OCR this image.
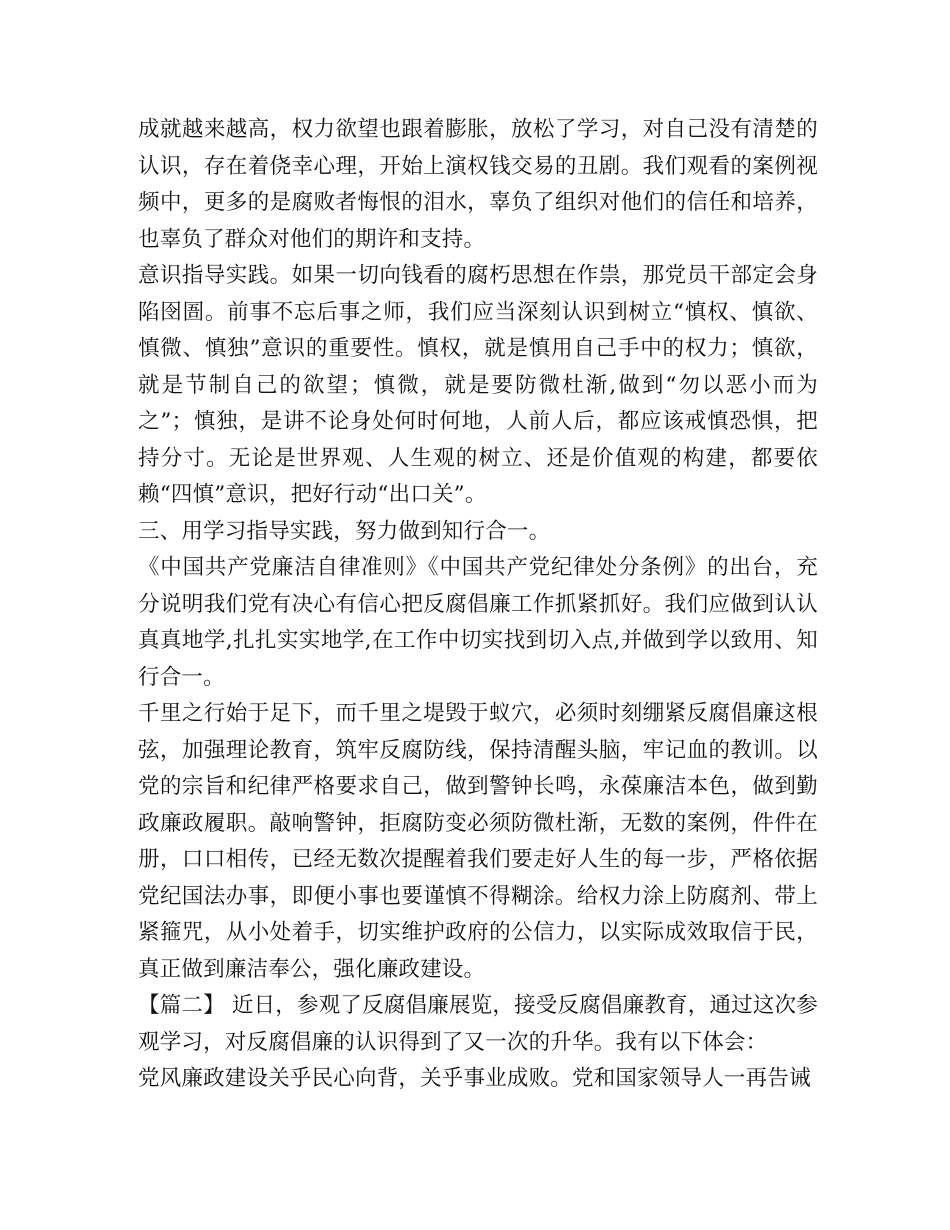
成就越来越高，权力欲望也跟着膨胀，放松了学习，对自己没有清楚的认识，存在着侥幸心理，开始上演权钱交易的丑剧。我们观看的案例视频中，更多的是腐败者悔恨的泪水，辜负了组织对他们的信任和培养，也辜负了群众对他们的期许和支持。

意识指导实践。如果一切向钱看的腐朽思想在作祟，那党员干部定会身陷囹圄。前事不忘后事之师，我们应当深刻认识到树立“慎权、慎欲、慎微、慎独”意识的重要性。慎权，就是慎用自己手中的权力；慎欲，就是节制自己的欲望；慎微，就是要防微杜渐,做到“勿以恶小而为之”；慎独，是讲不论身处何时何地，人前人后，都应该戒慎恐惧，把持分寸。无论是世界观、人生观的树立、还是价值观的构建，都要依赖“四慎”意识，把好行动“出口关”。

三、用学习指导实践，努力做到知行合一。

《中国共产党廉洁自律准则》《中国共产党纪律处分条例》的出台，充分说明我们党有决心有信心把反腐倡廉工作抓紧抓好。我们应做到认认真真地学,扎扎实实地学,在工作中切实找到切入点,并做到学以致用、知行合一。

千里之行始于足下，而千里之堤毁于蚁穴，必须时刻绷紧反腐倡廉这根弦，加强理论教育，筑牢反腐防线，保持清醒头脑，牢记血的教训。以党的宗旨和纪律严格要求自己，做到警钟长鸣，永葆廉洁本色，做到勤政廉政履职。敲响警钟，拒腐防变必须防微杜渐，无数的案例，件件在册，口口相传，已经无数次提醒着我们要走好人生的每一步，严格依据党纪国法办事，即便小事也要谨慎不得糊涂。给权力涂上防腐剂、带上紧箍咒，从小处着手，切实维护政府的公信力，以实际成效取信于民，真正做到廉洁奉公，强化廉政建设。

【篇二】 近日，参观了反腐倡廉展览，接受反腐倡廉教育，通过这次参观学习，对反腐倡廉的认识得到了又一次的升华。我有以下体会：

党风廉政建设关乎民心向背，关乎事业成败。党和国家领导人一再告诫
